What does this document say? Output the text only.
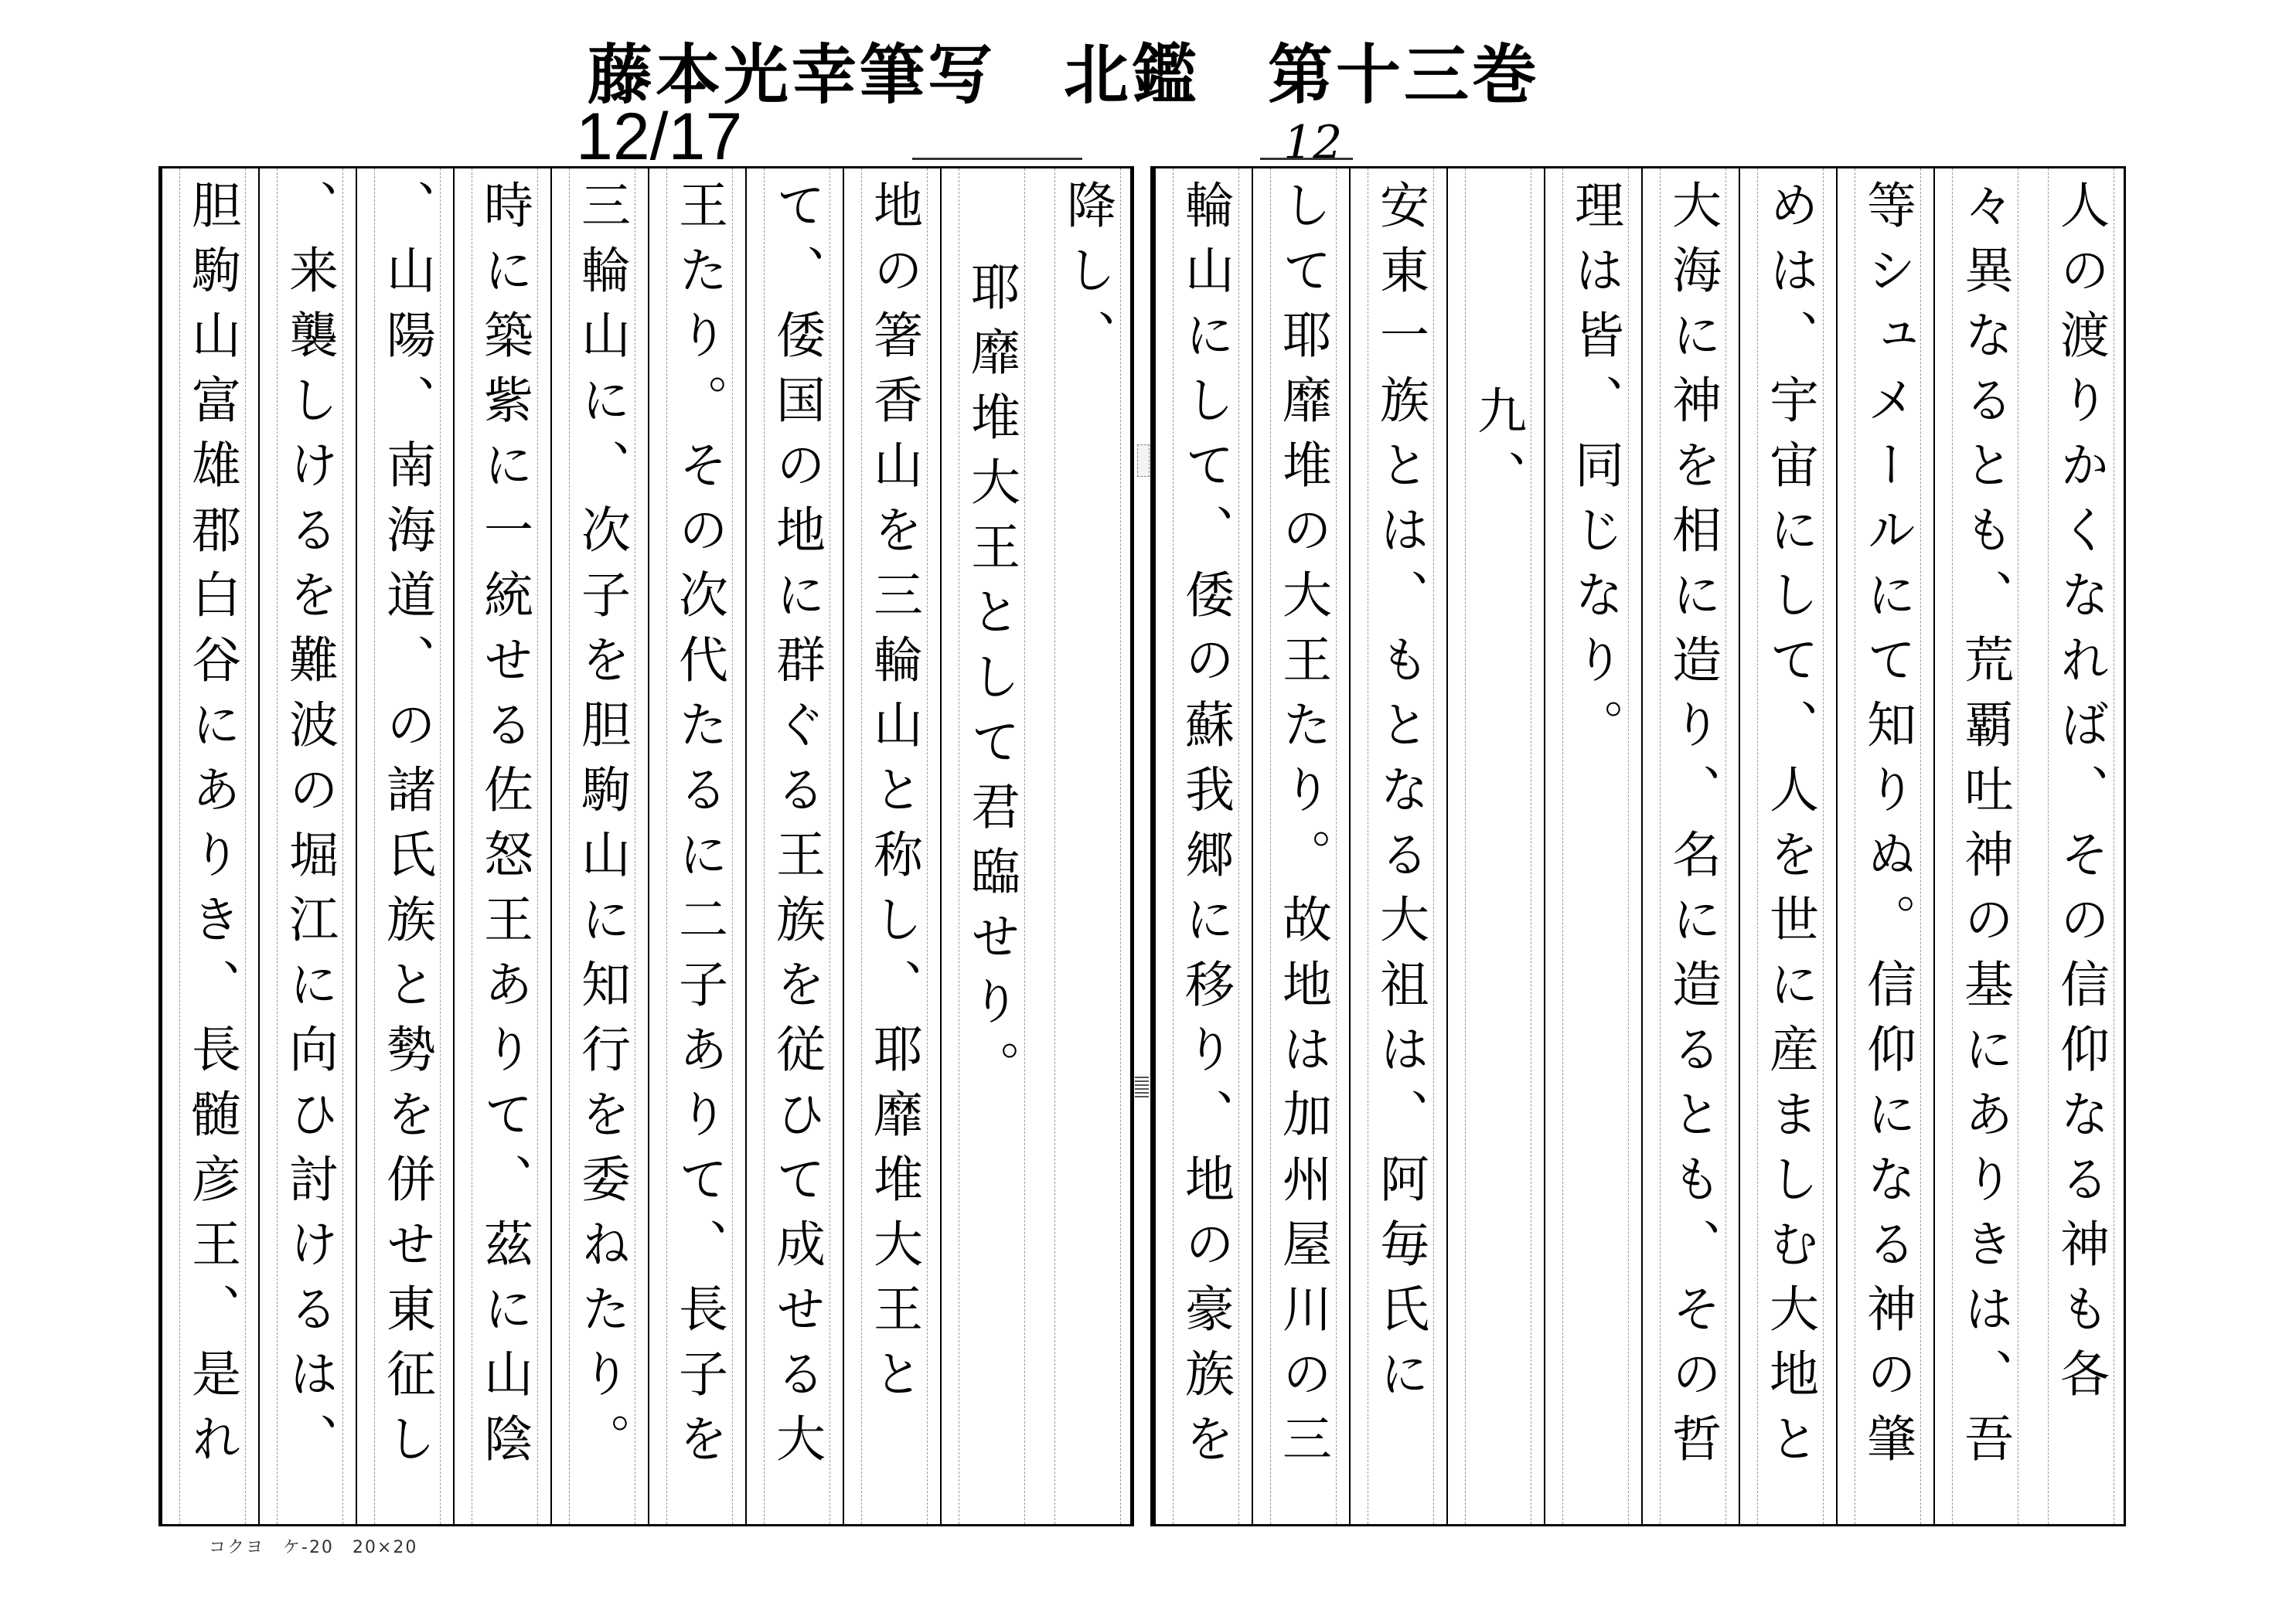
藤本光幸筆写　北鑑　第十三巻
12/17	12
人の渡りかくなれば、その信仰なる神も各
々異なるとも、荒覇吐神の基にありきは、吾
等シュメールにて知りぬ。信仰になる神の肇
めは、宇宙にして、人を世に産ましむ大地と
大海に神を相に造り、名に造るとも、その哲
理は皆、同じなり。
九、
安東一族とは、もとなる大祖は、阿毎氏に
して耶靡堆の大王たり。故地は加州屋川の三
輪山にして、倭の蘇我郷に移り、地の豪族を
降し、
耶靡堆大王として君臨せり。
地の箸香山を三輪山と称し、耶靡堆大王と
て、倭国の地に群ぐる王族を従ひて成せる大
王たり。その次代たるに二子ありて、長子を
三輪山に、次子を胆駒山に知行を委ねたり。
時に築紫に一統せる佐怒王ありて、茲に山陰
、山陽、南海道、の諸氏族と勢を併せ東征し
、来襲しけるを難波の堀江に向ひ討けるは、
胆駒山富雄郡白谷にありき、長髄彦王、是れ
コクヨ　ケ-20　20×20
